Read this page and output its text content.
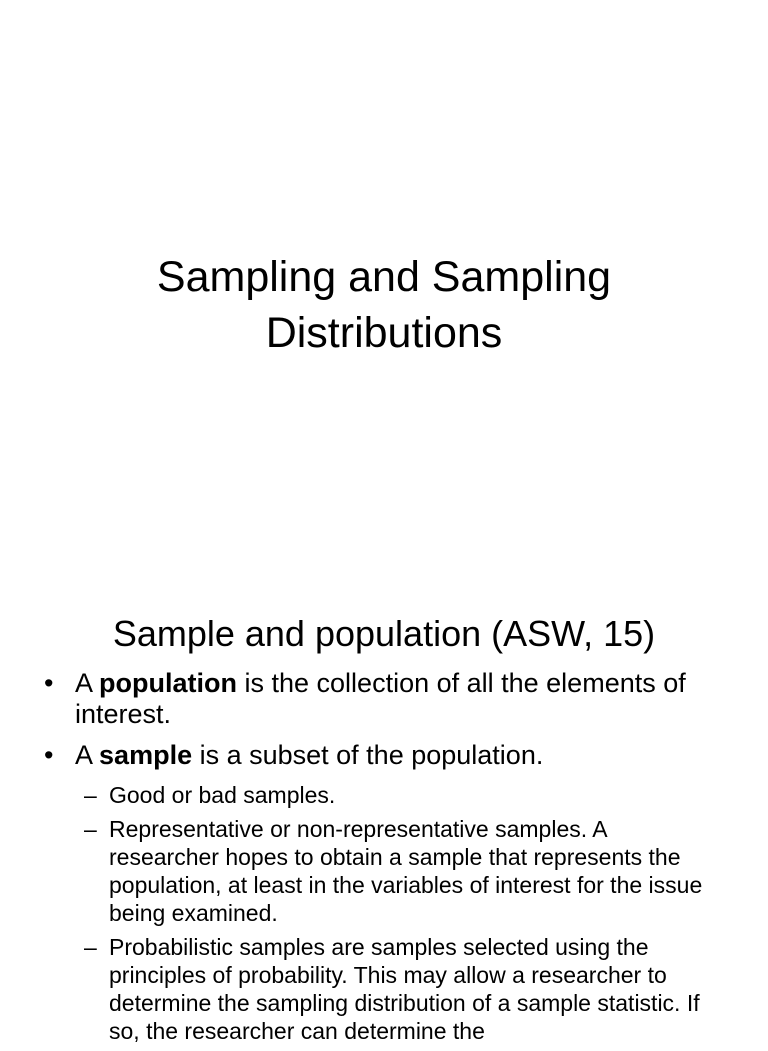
Sampling and Sampling
Distributions
Sample and population (ASW, 15)
• A population is the collection of all the elements of interest.
• A sample is a subset of the population.
– Good or bad samples.
– Representative or non-representative samples. A researcher hopes to obtain a sample that represents the population, at least in the variables of interest for the issue being examined.
– Probabilistic samples are samples selected using the principles of probability. This may allow a researcher to determine the sampling distribution of a sample statistic. If so, the researcher can determine the
